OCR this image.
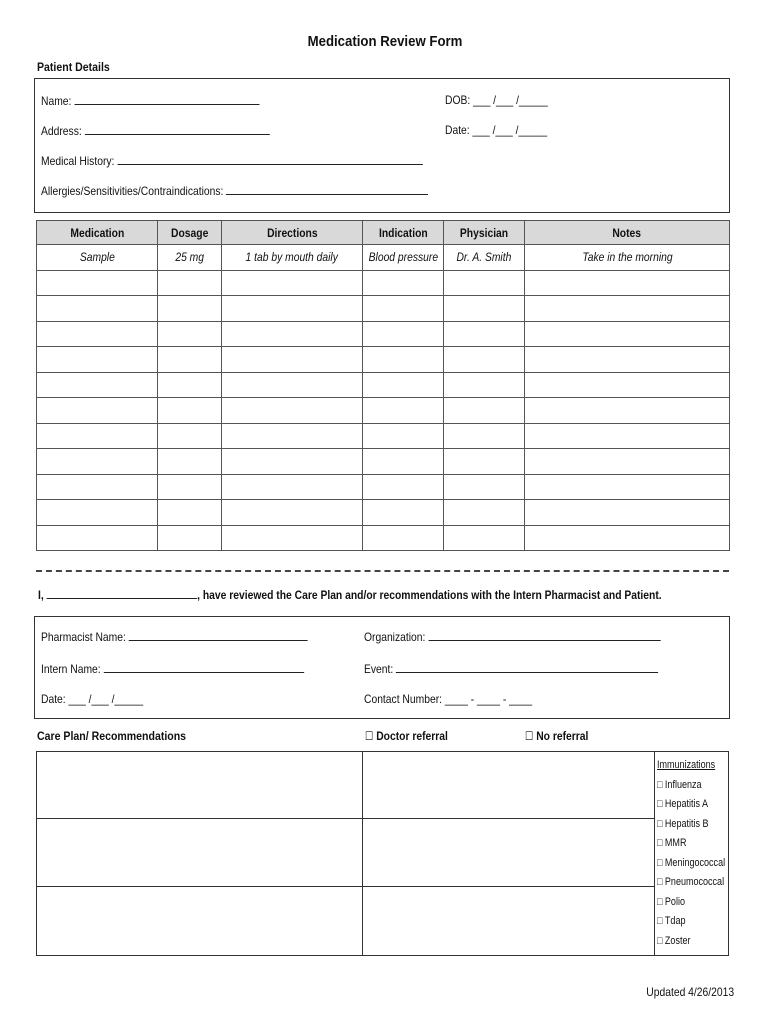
Medication Review Form
Patient Details
Name:	DOB: ___ /___ /_____
Address:	Date: ___ /___ /_____
Medical History:
Allergies/Sensitivities/Contraindications:
Medication	Dosage	Directions	Indication	Physician	Notes
Sample	25 mg	1 tab by mouth daily	Blood pressure	Dr. A. Smith	Take in the morning

I,	, have reviewed the Care Plan and/or recommendations with the Intern Pharmacist and Patient.
Pharmacist Name:	Organization:
Intern Name:	Event:
Date: ___ /___ /_____	Contact Number: ____ - ____ - ____
Care Plan/ Recommendations	☐ Doctor referral	☐ No referral
Immunizations
□ Influenza
□ Hepatitis A
□ Hepatitis B
□ MMR
□ Meningococcal
□ Pneumococcal
□ Polio
□ Tdap
□ Zoster
Updated 4/26/2013
